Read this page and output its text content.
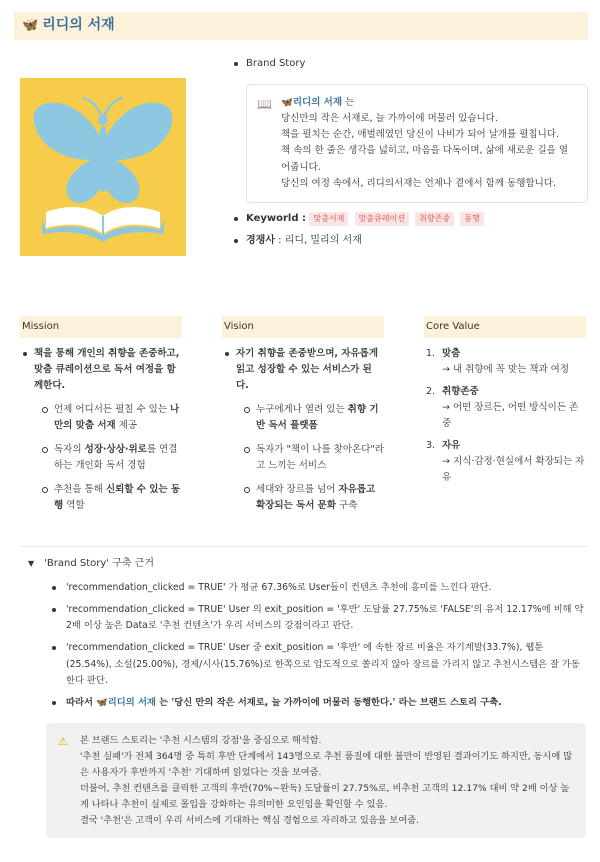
🦋 리디의 서재
Brand Story
📖 🦋리디의 서재 는
당신만의 작은 서재로, 늘 가까이에 머물러 있습니다.
책을 펼치는 순간, 애벌레였던 당신이 나비가 되어 날개를 펼칩니다.
책 속의 한 줄은 생각을 넓히고, 마음을 다독이며, 삶에 새로운 길을 열어줍니다.
당신의 여정 속에서, 리디의서재는 언제나 곁에서 함께 동행합니다.
Keyworld : 맞춤서재 맞춤큐레이션 취향존중 동행
경쟁사 : 리디, 밀리의 서재
Mission
책을 통해 개인의 취향을 존중하고, 맞춤 큐레이션으로 독서 여정을 함께한다.
언제 어디서든 펼칠 수 있는 나만의 맞춤 서재 제공
독자의 성장·상상·위로를 연결하는 개인화 독서 경험
추천을 통해 신뢰할 수 있는 동행 역할
Vision
자기 취향을 존중받으며, 자유롭게 읽고 성장할 수 있는 서비스가 된다.
누구에게나 열려 있는 취향 기반 독서 플랫폼
독자가 "책이 나를 찾아온다"라고 느끼는 서비스
세대와 장르를 넘어 자유롭고 확장되는 독서 문화 구축
Core Value
1. 맞춤
→ 내 취향에 꼭 맞는 책과 여정
2. 취향존중
→ 어떤 장르든, 어떤 방식이든 존중
3. 자유
→ 지식·감정·현실에서 확장되는 자유
▼ 'Brand Story' 구축 근거
'recommendation_clicked = TRUE' 가 평균 67.36%로 User들이 컨텐츠 추천에 흥미를 느낀다 판단.
'recommendation_clicked = TRUE' User 의 exit_position = '후반' 도달률 27.75%로 'FALSE'의 유저 12.17%에 비해 약 2배 이상 높은 Data로 '추천 컨텐츠'가 우리 서비스의 강점이라고 판단.
'recommendation_clicked = TRUE' User 중 exit_position = '후반' 에 속한 장르 비율은 자기계발(33.7%), 웹툰(25.54%), 소설(25.00%), 경제/시사(15.76%)로 한쪽으로 압도적으로 쏠리지 않아 장르를 가리지 않고 추천시스템은 잘 가동한다 판단.
따라서 🦋리디의 서재 는 '당신 만의 작은 서재로, 늘 가까이에 머물러 동행한다.' 라는 브랜드 스토리 구축.
⚠	본 브랜드 스토리는 '추천 시스템의 강점'을 중심으로 해석함.
'추천 실패'가 전체 364명 중 특히 후반 단계에서 143명으로 추천 품질에 대한 불만이 반영된 결과이기도 하지만, 동시에 많은 사용자가 후반까지 '추천' 기대하며 읽었다는 것을 보여줌.
더불어, 추천 컨텐츠를 클릭한 고객의 후반(70%~완독) 도달률이 27.75%로, 비추천 고객의 12.17% 대비 약 2배 이상 높게 나타나 추천이 실제로 몰입을 강화하는 유의미한 요인임을 확인할 수 있음.
결국 '추천'은 고객이 우리 서비스에 기대하는 핵심 경험으로 자리하고 있음을 보여줌.
